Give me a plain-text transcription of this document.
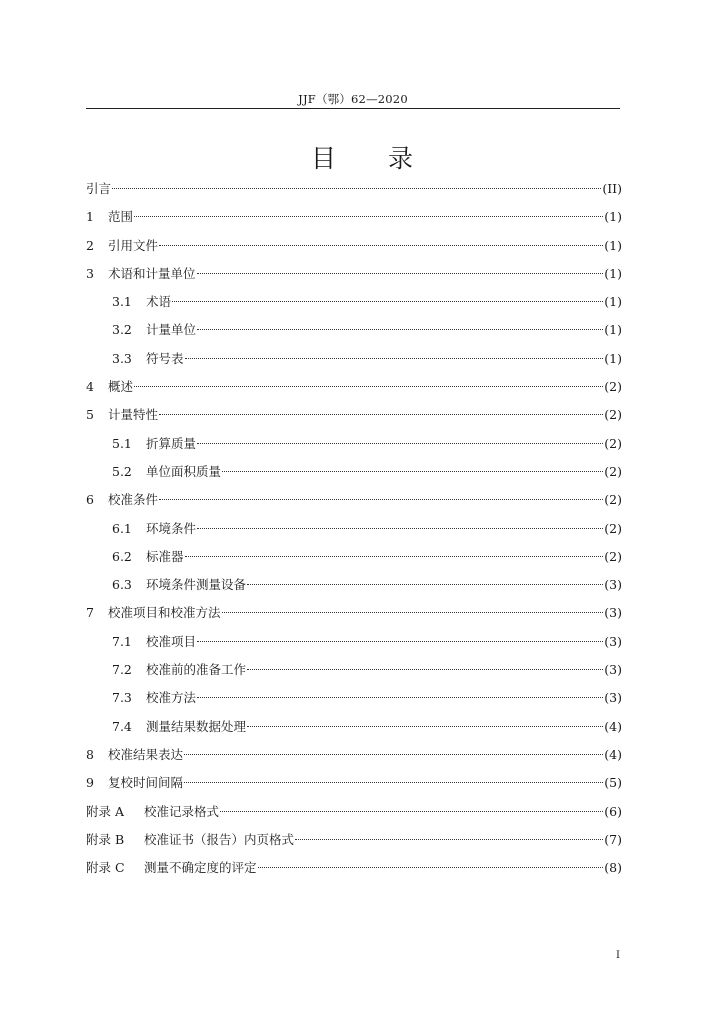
JJF（鄂）62—2020
目 录
引言	(II)
1	范围	(1)
2	引用文件	(1)
3	术语和计量单位	(1)
3.1	术语	(1)
3.2	计量单位	(1)
3.3	符号表	(1)
4	概述	(2)
5	计量特性	(2)
5.1	折算质量	(2)
5.2	单位面积质量	(2)
6	校准条件	(2)
6.1	环境条件	(2)
6.2	标准器	(2)
6.3	环境条件测量设备	(3)
7	校准项目和校准方法	(3)
7.1	校准项目	(3)
7.2	校准前的准备工作	(3)
7.3	校准方法	(3)
7.4	测量结果数据处理	(4)
8	校准结果表达	(4)
9	复校时间间隔	(5)
附录 A	校准记录格式	(6)
附录 B	校准证书（报告）内页格式	(7)
附录 C	测量不确定度的评定	(8)
I
